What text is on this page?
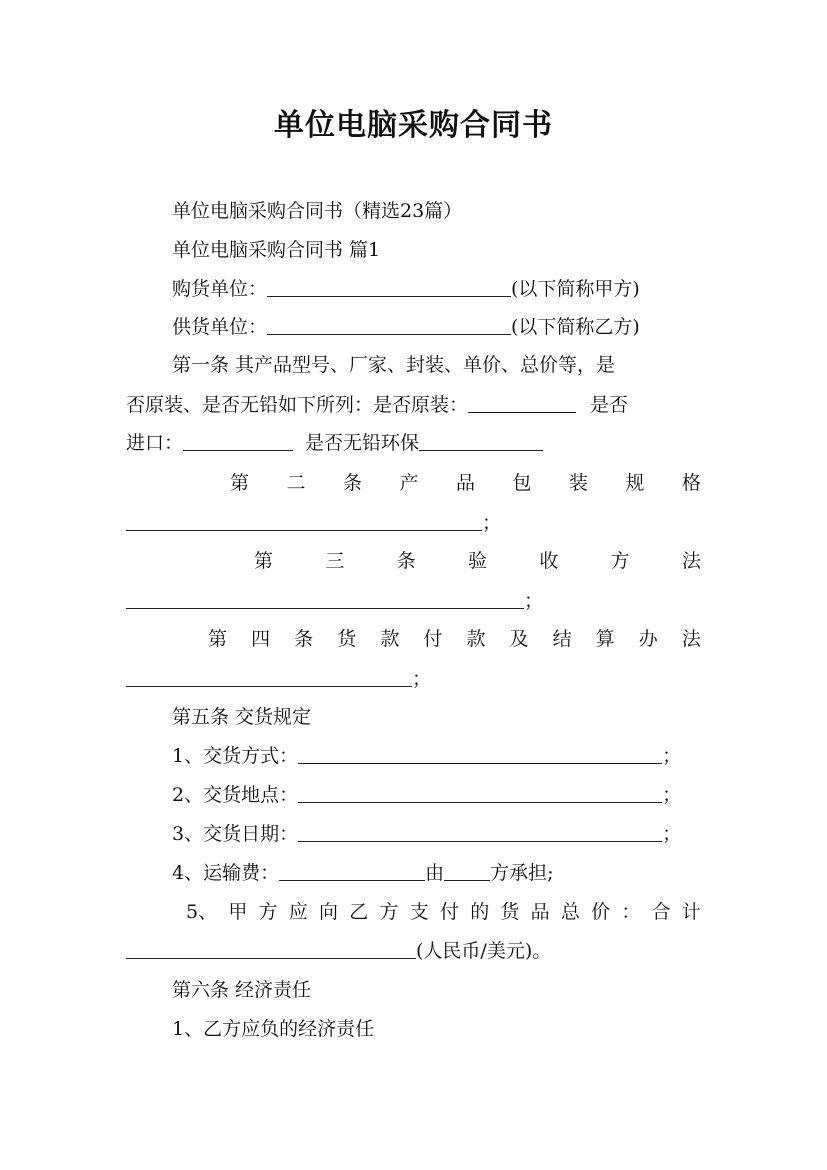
单位电脑采购合同书
单位电脑采购合同书（精选23篇）
单位电脑采购合同书 篇1
购货单位：	(以下简称甲方)
供货单位：	(以下简称乙方)
第一条 其产品型号、厂家、封装、单价、总价等，是
否原装、是否无铅如下所列：是否原装：	是否
进口：	是否无铅环保
第 二 条 产 品 包 装 规 格
；
第	三	条	验	收	方	法
；
第 四 条 货 款 付 款 及 结 算 办 法
；
第五条 交货规定
1、交货方式：	；
2、交货地点：	；
3、交货日期：	；
4、运输费：	由 方承担;
5、 甲 方 应 向 乙 方 支 付 的 货 品 总 价 ： 合 计
(人民币/美元)。
第六条 经济责任
1、乙方应负的经济责任
